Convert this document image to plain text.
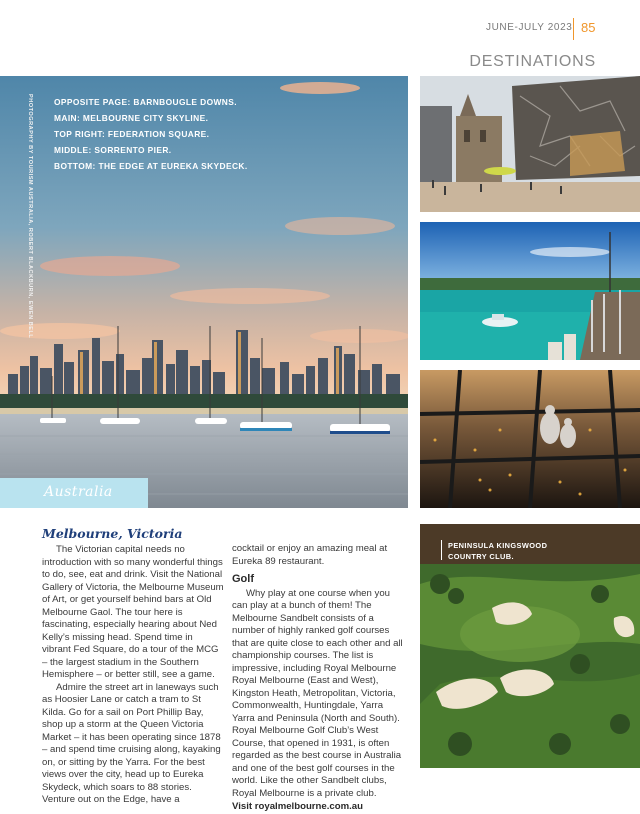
JUNE-JULY 2023 85
DESTINATIONS
PHOTOGRAPHY BY TOURISM AUSTRALIA, ROBERT BLACKBURN, EWEN BELL	OPPOSITE PAGE: BARNBOUGLE DOWNS.
MAIN: MELBOURNE CITY SKYLINE.
TOP RIGHT: FEDERATION SQUARE.
MIDDLE: SORRENTO PIER.
BOTTOM: THE EDGE AT EUREKA SKYDECK.
Australia
PENINSULA KINGSWOOD
COUNTRY CLUB.
Melbourne, Victoria

The Victorian capital needs no introduction with so many wonderful things to do, see, eat and drink. Visit the National Gallery of Victoria, the Melbourne Museum of Art, or get yourself behind bars at Old Melbourne Gaol. The tour here is fascinating, especially hearing about Ned Kelly’s missing head. Spend time in vibrant Fed Square, do a tour of the MCG – the largest stadium in the Southern Hemisphere – or better still, see a game.

Admire the street art in laneways such as Hoosier Lane or catch a tram to St Kilda. Go for a sail on Port Phillip Bay, shop up a storm at the Queen Victoria Market – it has been operating since 1878 – and spend time cruising along, kayaking on, or sitting by the Yarra. For the best views over the city, head up to Eureka Skydeck, which soars to 88 stories. Venture out on the Edge, have a

cocktail or enjoy an amazing meal at Eureka 89 restaurant.

Golf

Why play at one course when you can play at a bunch of them! The Melbourne Sandbelt consists of a number of highly ranked golf courses that are quite close to each other and all championship courses. The list is impressive, including Royal Melbourne Royal Melbourne (East and West), Kingston Heath, Metropolitan, Victoria, Commonwealth, Huntingdale, Yarra Yarra and Peninsula (North and South). Royal Melbourne Golf Club’s West Course, that opened in 1931, is often regarded as the best course in Australia and one of the best golf courses in the world. Like the other Sandbelt clubs, Royal Melbourne is a private club.

Visit royalmelbourne.com.au
